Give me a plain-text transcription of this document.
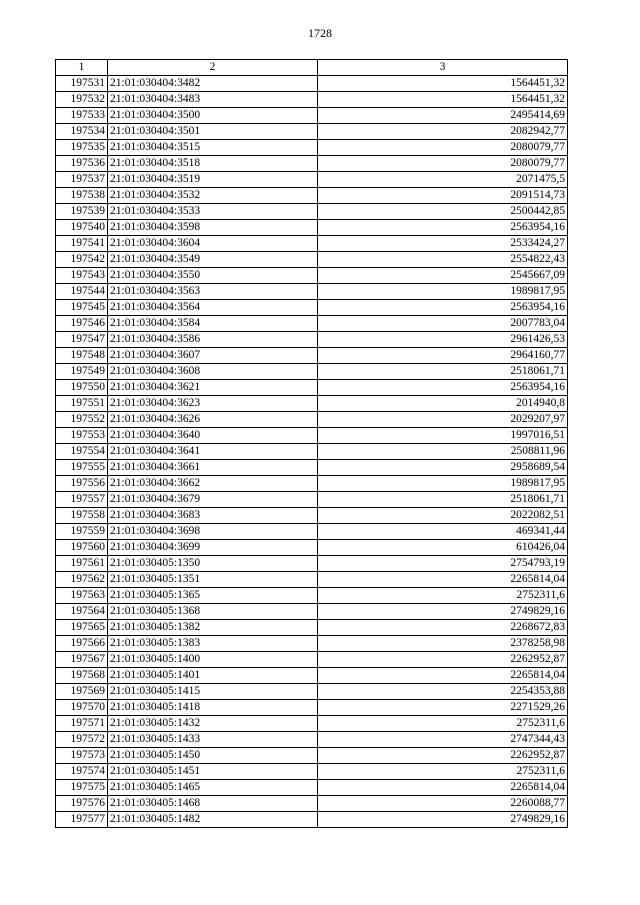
1728
1	2	3
197531	21:01:030404:3482	1564451,32
197532	21:01:030404:3483	1564451,32
197533	21:01:030404:3500	2495414,69
197534	21:01:030404:3501	2082942,77
197535	21:01:030404:3515	2080079,77
197536	21:01:030404:3518	2080079,77
197537	21:01:030404:3519	2071475,5
197538	21:01:030404:3532	2091514,73
197539	21:01:030404:3533	2500442,85
197540	21:01:030404:3598	2563954,16
197541	21:01:030404:3604	2533424,27
197542	21:01:030404:3549	2554822,43
197543	21:01:030404:3550	2545667,09
197544	21:01:030404:3563	1989817,95
197545	21:01:030404:3564	2563954,16
197546	21:01:030404:3584	2007783,04
197547	21:01:030404:3586	2961426,53
197548	21:01:030404:3607	2964160,77
197549	21:01:030404:3608	2518061,71
197550	21:01:030404:3621	2563954,16
197551	21:01:030404:3623	2014940,8
197552	21:01:030404:3626	2029207,97
197553	21:01:030404:3640	1997016,51
197554	21:01:030404:3641	2508811,96
197555	21:01:030404:3661	2958689,54
197556	21:01:030404:3662	1989817,95
197557	21:01:030404:3679	2518061,71
197558	21:01:030404:3683	2022082,51
197559	21:01:030404:3698	469341,44
197560	21:01:030404:3699	610426,04
197561	21:01:030405:1350	2754793,19
197562	21:01:030405:1351	2265814,04
197563	21:01:030405:1365	2752311,6
197564	21:01:030405:1368	2749829,16
197565	21:01:030405:1382	2268672,83
197566	21:01:030405:1383	2378258,98
197567	21:01:030405:1400	2262952,87
197568	21:01:030405:1401	2265814,04
197569	21:01:030405:1415	2254353,88
197570	21:01:030405:1418	2271529,26
197571	21:01:030405:1432	2752311,6
197572	21:01:030405:1433	2747344,43
197573	21:01:030405:1450	2262952,87
197574	21:01:030405:1451	2752311,6
197575	21:01:030405:1465	2265814,04
197576	21:01:030405:1468	2260088,77
197577	21:01:030405:1482	2749829,16
